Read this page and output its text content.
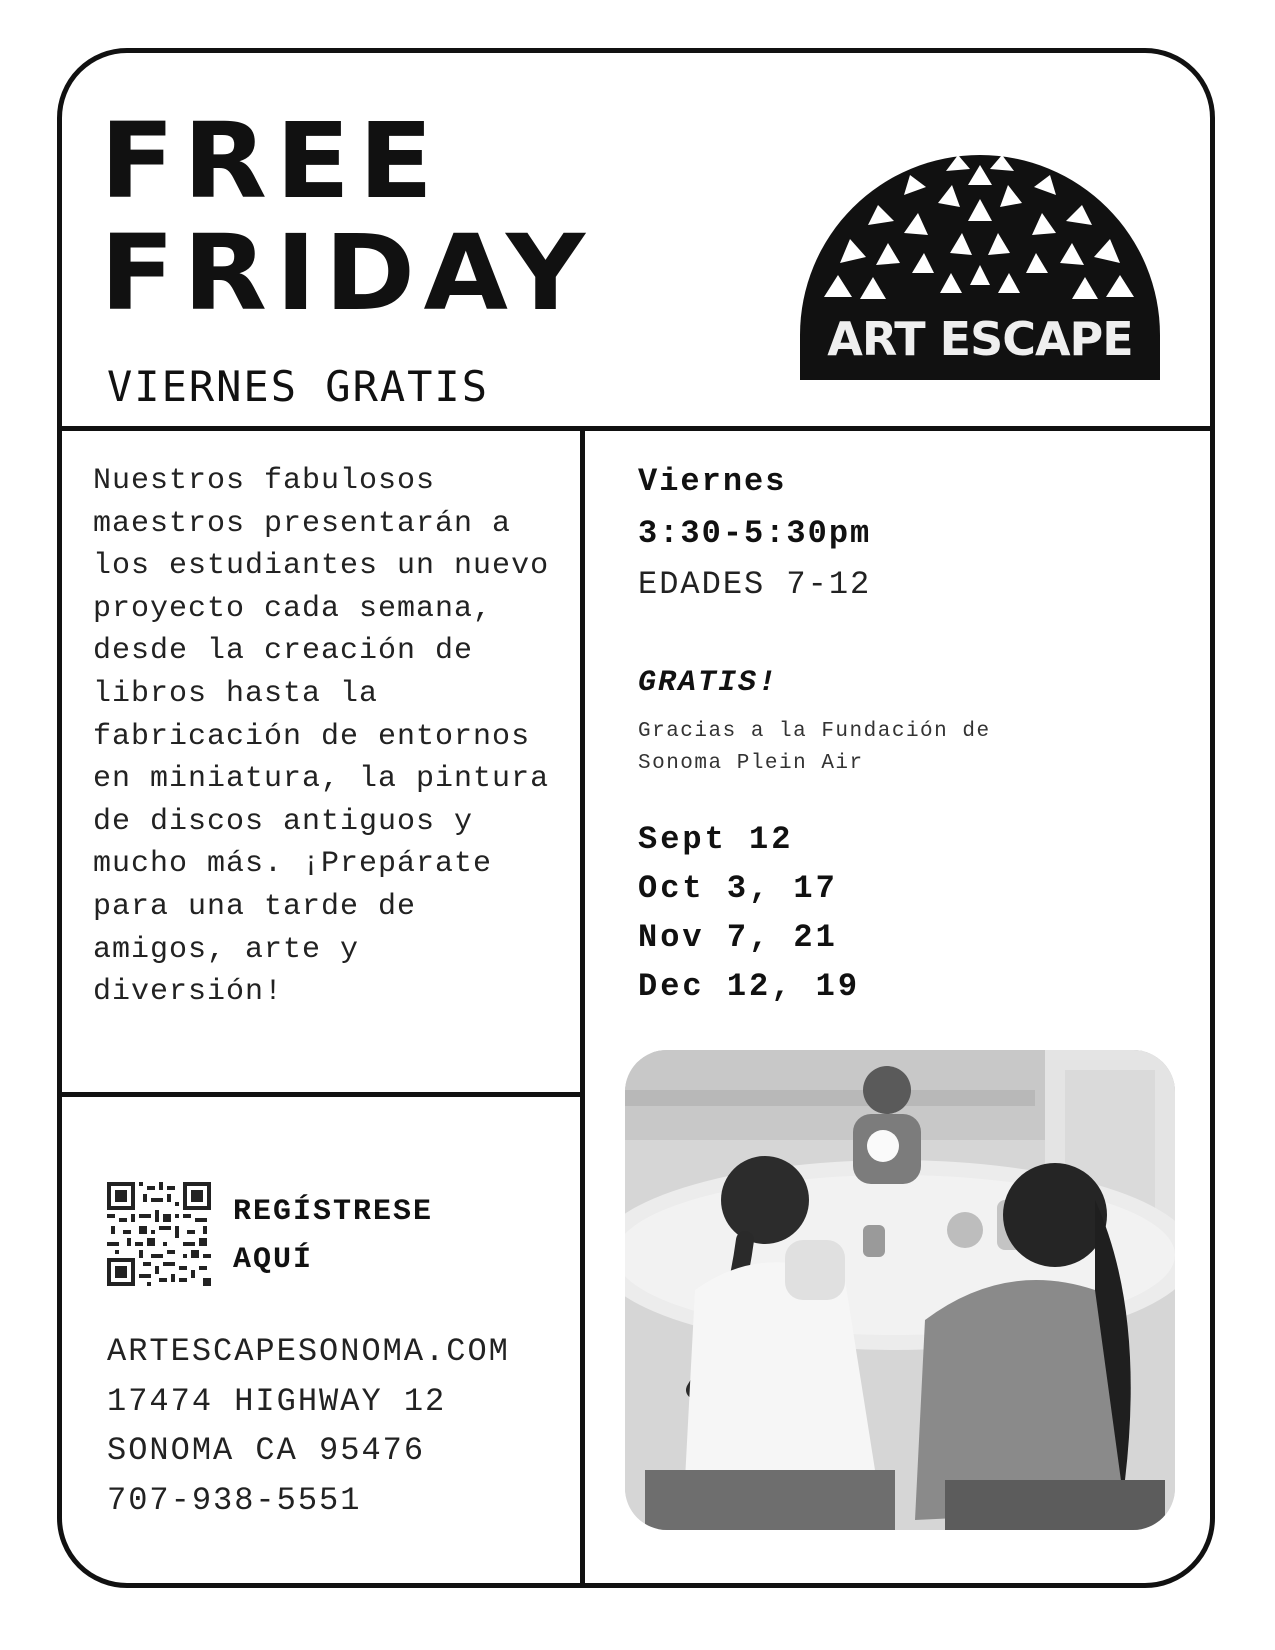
FREE
FRIDAY
VIERNES GRATIS
ART ESCAPE

Nuestros fabulosos maestros presentarán a los estudiantes un nuevo proyecto cada semana, desde la creación de libros hasta la fabricación de entornos en miniatura, la pintura de discos antiguos y mucho más. ¡Prepárate para una tarde de amigos, arte y diversión!

Viernes
3:30-5:30pm
EDADES 7-12
GRATIS!

Gracias a la Fundación de Sonoma Plein Air

Sept 12
Oct 3, 17
Nov 7, 21
Dec 12, 19

REGÍSTRESE AQUÍ

ARTESCAPESONOMA.COM
17474 HIGHWAY 12
SONOMA CA 95476
707-938-5551
